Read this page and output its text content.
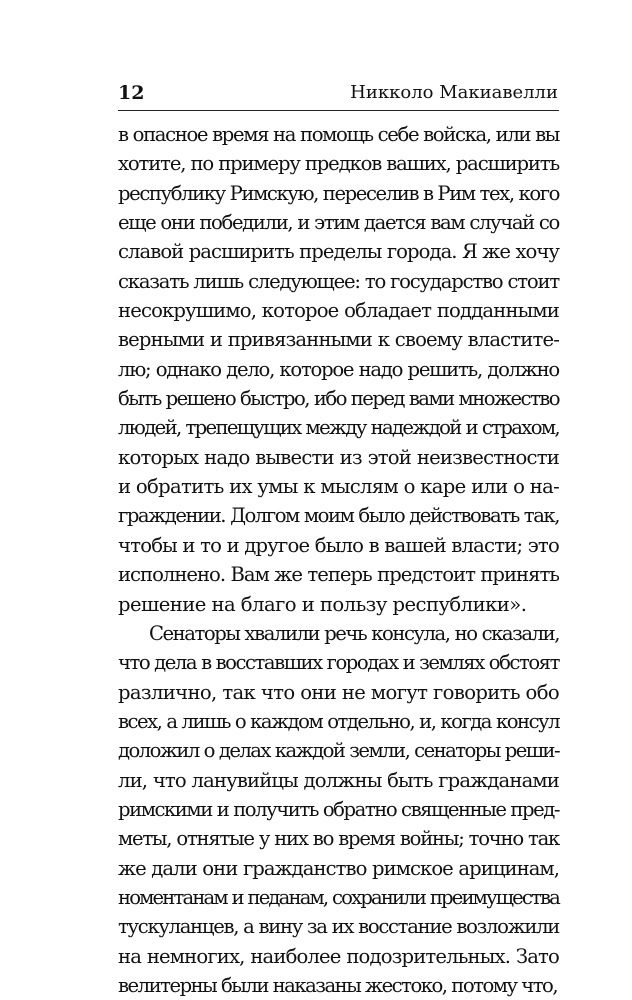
12	Никколо Макиавелли
в опасное время на помощь себе войска, или вы
хотите, по примеру предков ваших, расширить
республику Римскую, переселив в Рим тех, кого
еще они победили, и этим дается вам случай со
славой расширить пределы города. Я же хочу
сказать лишь следующее: то государство стоит
несокрушимо, которое обладает подданными
верными и привязанными к своему властите-
лю; однако дело, которое надо решить, должно
быть решено быстро, ибо перед вами множество
людей, трепещущих между надеждой и страхом,
которых надо вывести из этой неизвестности
и обратить их умы к мыслям о каре или о на-
граждении. Долгом моим было действовать так,
чтобы и то и другое было в вашей власти; это
исполнено. Вам же теперь предстоит принять
решение на благо и пользу республики».
Сенаторы хвалили речь консула, но сказали,
что дела в восставших городах и землях обстоят
различно, так что они не могут говорить обо
всех, а лишь о каждом отдельно, и, когда консул
доложил о делах каждой земли, сенаторы реши-
ли, что ланувийцы должны быть гражданами
римскими и получить обратно священные пред-
меты, отнятые у них во время войны; точно так
же дали они гражданство римское арицинам,
номентанам и педанам, сохранили преимущества
тускуланцев, а вину за их восстание возложили
на немногих, наиболее подозрительных. Зато
велитерны были наказаны жестоко, потому что,
